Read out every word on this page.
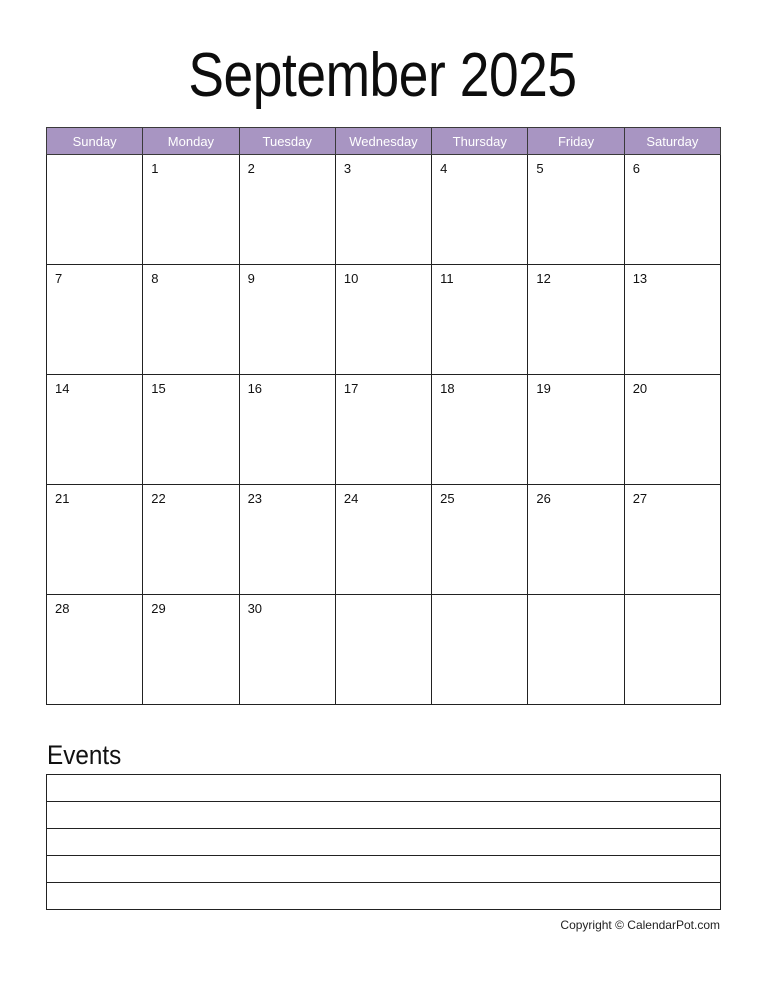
September 2025
Sunday	Monday	Tuesday	Wednesday	Thursday	Friday	Saturday

	1	2	3	4	5	6

7	8	9	10	11	12	13

14	15	16	17	18	19	20

21	22	23	24	25	26	27

28	29	30				

Events

Copyright © CalendarPot.com
